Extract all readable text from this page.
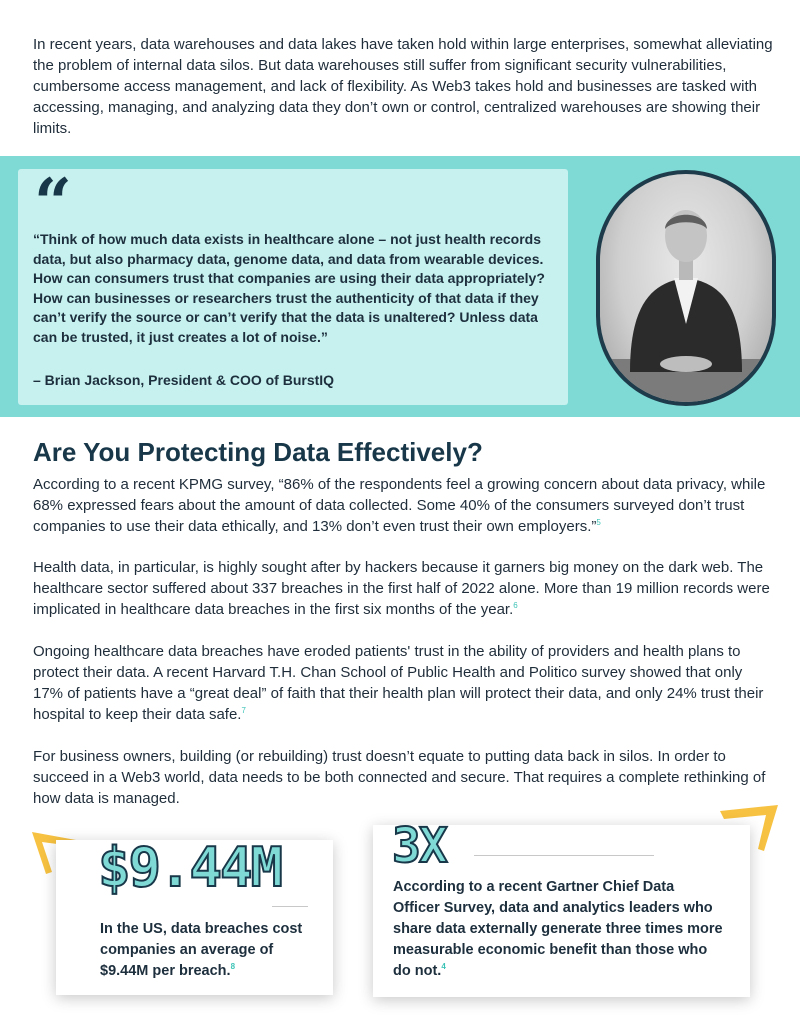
In recent years, data warehouses and data lakes have taken hold within large enterprises, somewhat alleviating the problem of internal data silos. But data warehouses still suffer from significant security vulnerabilities, cumbersome access management, and lack of flexibility. As Web3 takes hold and businesses are tasked with accessing, managing, and analyzing data they don’t own or control, centralized warehouses are showing their limits.

“

“Think of how much data exists in healthcare alone – not just health records data, but also pharmacy data, genome data, and data from wearable devices. How can consumers trust that companies are using their data appropriately? How can businesses or researchers trust the authenticity of that data if they can’t verify the source or can’t verify that the data is unaltered? Unless data can be trusted, it just creates a lot of noise.”

– Brian Jackson, President & COO of BurstIQ

Are You Protecting Data Effectively?

According to a recent KPMG survey, “86% of the respondents feel a growing concern about data privacy, while 68% expressed fears about the amount of data collected. Some 40% of the consumers surveyed don’t trust companies to use their data ethically, and 13% don’t even trust their own employers.”$^5$

Health data, in particular, is highly sought after by hackers because it garners big money on the dark web. The healthcare sector suffered about 337 breaches in the first half of 2022 alone. More than 19 million records were implicated in healthcare data breaches in the first six months of the year.$^6$

Ongoing healthcare data breaches have eroded patients' trust in the ability of providers and health plans to protect their data. A recent Harvard T.H. Chan School of Public Health and Politico survey showed that only 17% of patients have a “great deal” of faith that their health plan will protect their data, and only 24% trust their hospital to keep their data safe.$^7$

For business owners, building (or rebuilding) trust doesn’t equate to putting data back in silos. In order to succeed in a Web3 world, data needs to be both connected and secure. That requires a complete rethinking of how data is managed.

$9.44M

In the US, data breaches cost companies an average of $9.44M per breach.$^8$

3X

According to a recent Gartner Chief Data Officer Survey, data and analytics leaders who share data externally generate three times more measurable economic benefit than those who do not.$^4$
